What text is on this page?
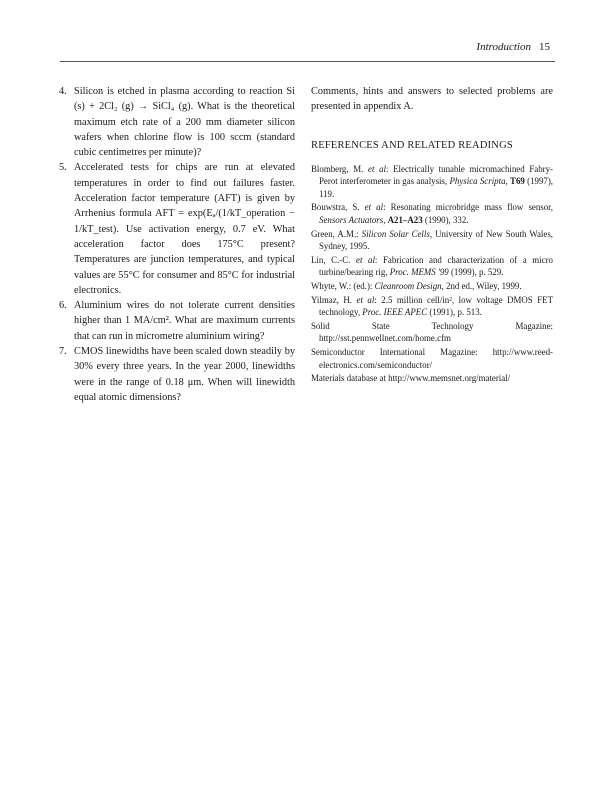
Introduction 15
4. Silicon is etched in plasma according to reaction Si (s) + 2Cl₂ (g) → SiCl₄ (g). What is the theoretical maximum etch rate of a 200 mm diameter silicon wafers when chlorine flow is 100 sccm (standard cubic centimetres per minute)?
5. Accelerated tests for chips are run at elevated temperatures in order to find out failures faster. Acceleration factor temperature (AFT) is given by Arrhenius formula AFT = exp(Eₐ/(1/kT_operation − 1/kT_test). Use activation energy, 0.7 eV. What acceleration factor does 175°C present? Temperatures are junction temperatures, and typical values are 55°C for consumer and 85°C for industrial electronics.
6. Aluminium wires do not tolerate current densities higher than 1 MA/cm². What are maximum currents that can run in micrometre aluminium wiring?
7. CMOS linewidths have been scaled down steadily by 30% every three years. In the year 2000, linewidths were in the range of 0.18 μm. When will linewidth equal atomic dimensions?
Comments, hints and answers to selected problems are presented in appendix A.
REFERENCES AND RELATED READINGS
Blomberg, M. et al: Electrically tunable micromachined Fabry-Perot interferometer in gas analysis, Physica Scripta, T69 (1997), 119.
Bouwstra, S. et al: Resonating microbridge mass flow sensor, Sensors Actuators, A21–A23 (1990), 332.
Green, A.M.: Silicon Solar Cells, University of New South Wales, Sydney, 1995.
Lin, C.-C. et al: Fabrication and characterization of a micro turbine/bearing rig, Proc. MEMS '99 (1999), p. 529.
Whyte, W.: (ed.): Cleanroom Design, 2nd ed., Wiley, 1999.
Yilmaz, H. et al: 2.5 million cell/in², low voltage DMOS FET technology, Proc. IEEE APEC (1991), p. 513.
Solid State Technology Magazine: http://sst.pennwellnet.com/home.cfm
Semiconductor International Magazine: http://www.reed-electronics.com/semiconductor/
Materials database at http://www.memsnet.org/material/
